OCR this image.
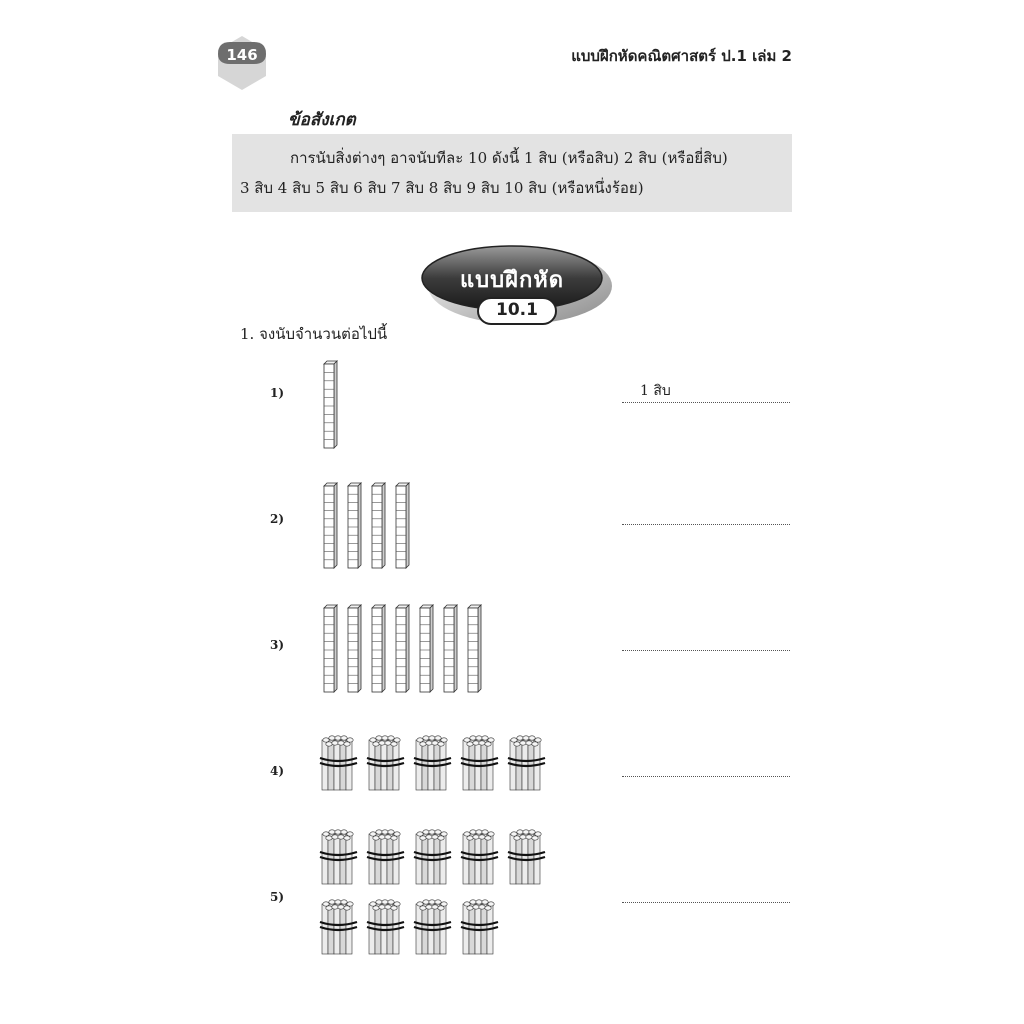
146	แบบฝึกหัดคณิตศาสตร์ ป.1 เล่ม 2
ข้อสังเกต
การนับสิ่งต่างๆ อาจนับทีละ 10 ดังนี้ 1 สิบ (หรือสิบ) 2 สิบ (หรือยี่สิบ)
3 สิบ 4 สิบ 5 สิบ 6 สิบ 7 สิบ 8 สิบ 9 สิบ 10 สิบ (หรือหนึ่งร้อย)
แบบฝึกหัด
10.1
1. จงนับจำนวนต่อไปนี้
1)
2)
3)
4)
5)
1 สิบ
